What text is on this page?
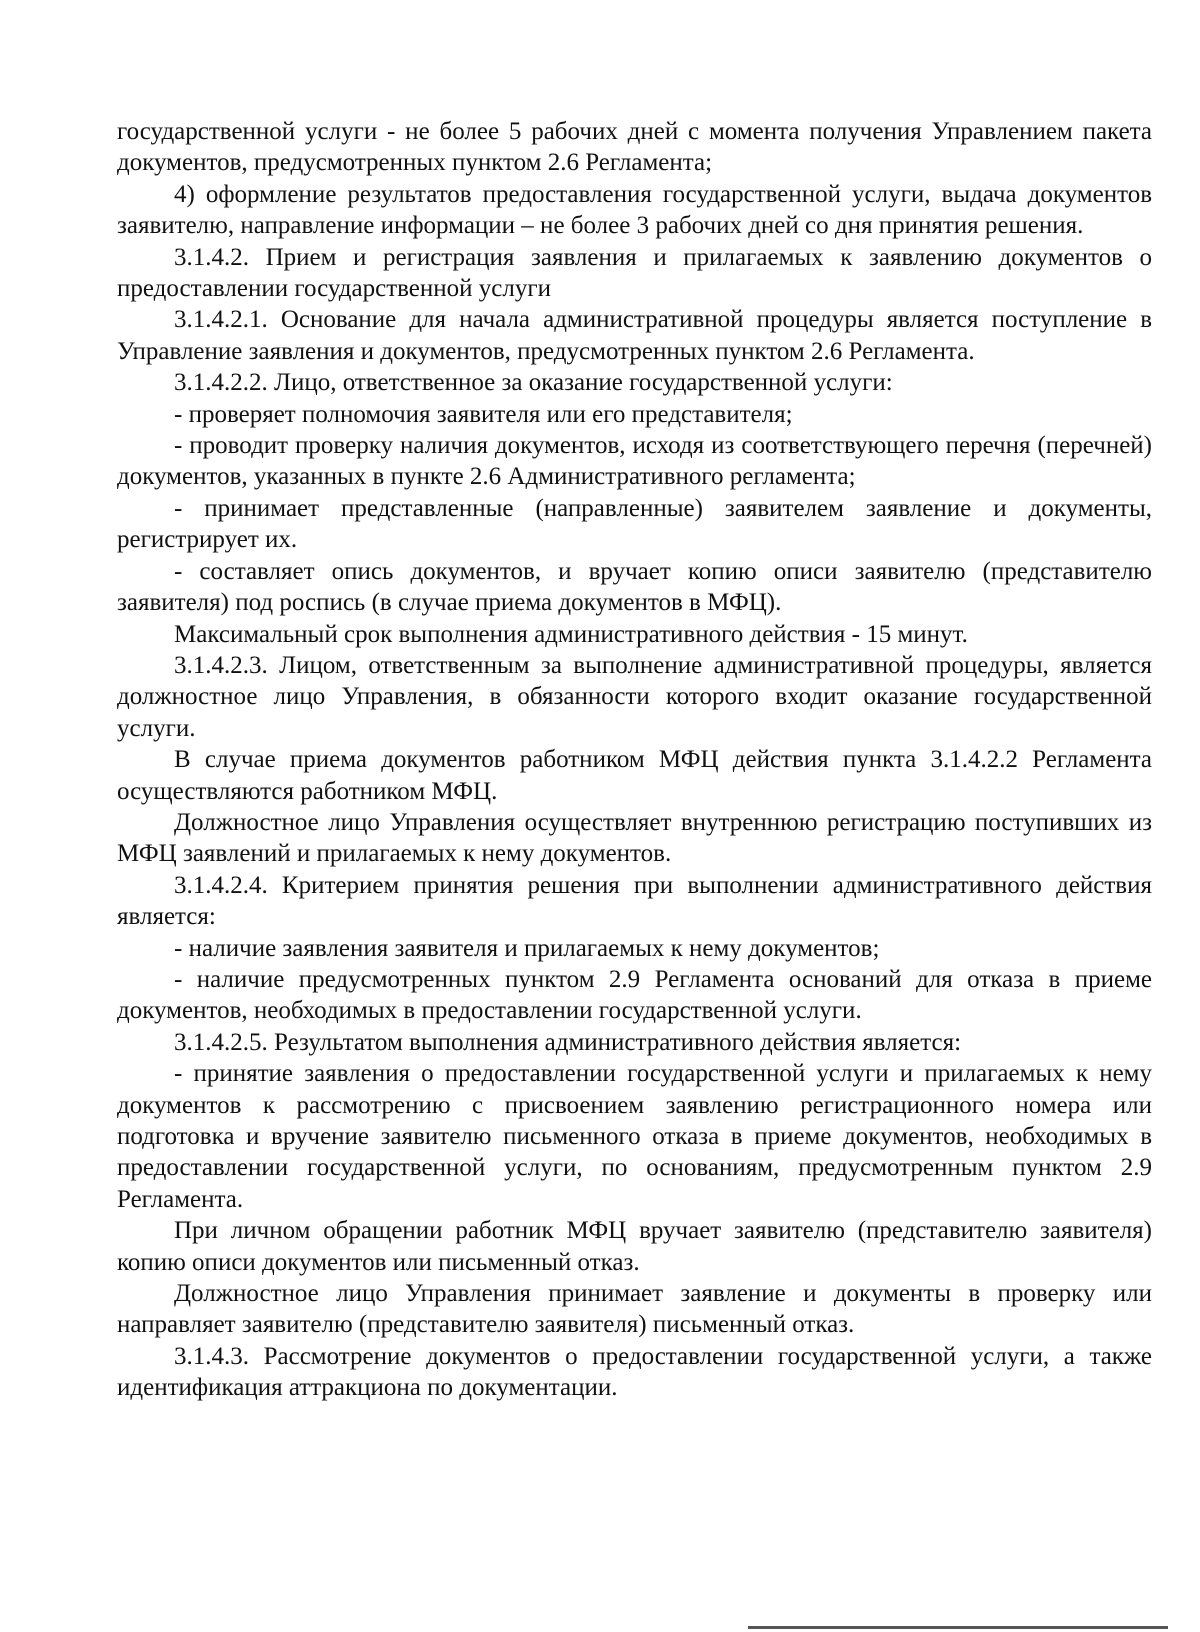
государственной услуги - не более 5 рабочих дней с момента получения Управлением пакета документов, предусмотренных пунктом 2.6 Регламента;

4) оформление результатов предоставления государственной услуги, выдача документов заявителю, направление информации – не более 3 рабочих дней со дня принятия решения.

3.1.4.2. Прием и регистрация заявления и прилагаемых к заявлению документов о предоставлении государственной услуги

3.1.4.2.1. Основание для начала административной процедуры является поступление в Управление заявления и документов, предусмотренных пунктом 2.6 Регламента.

3.1.4.2.2. Лицо, ответственное за оказание государственной услуги:

- проверяет полномочия заявителя или его представителя;

- проводит проверку наличия документов, исходя из соответствующего перечня (перечней) документов, указанных в пункте 2.6 Административного регламента;

- принимает представленные (направленные) заявителем заявление и документы, регистрирует их.

- составляет опись документов, и вручает копию описи заявителю (представителю заявителя) под роспись (в случае приема документов в МФЦ).

Максимальный срок выполнения административного действия - 15 минут.

3.1.4.2.3. Лицом, ответственным за выполнение административной процедуры, является должностное лицо Управления, в обязанности которого входит оказание государственной услуги.

В случае приема документов работником МФЦ действия пункта 3.1.4.2.2 Регламента осуществляются работником МФЦ.

Должностное лицо Управления осуществляет внутреннюю регистрацию поступивших из МФЦ заявлений и прилагаемых к нему документов.

3.1.4.2.4. Критерием принятия решения при выполнении административного действия является:

- наличие заявления заявителя и прилагаемых к нему документов;

- наличие предусмотренных пунктом 2.9 Регламента оснований для отказа в приеме документов, необходимых в предоставлении государственной услуги.

3.1.4.2.5. Результатом выполнения административного действия является:

- принятие заявления о предоставлении государственной услуги и прилагаемых к нему документов к рассмотрению с присвоением заявлению регистрационного номера или подготовка и вручение заявителю письменного отказа в приеме документов, необходимых в предоставлении государственной услуги, по основаниям, предусмотренным пунктом 2.9 Регламента.

При личном обращении работник МФЦ вручает заявителю (представителю заявителя) копию описи документов или письменный отказ.

Должностное лицо Управления принимает заявление и документы в проверку или направляет заявителю (представителю заявителя) письменный отказ.

3.1.4.3. Рассмотрение документов о предоставлении государственной услуги, а также идентификация аттракциона по документации.
